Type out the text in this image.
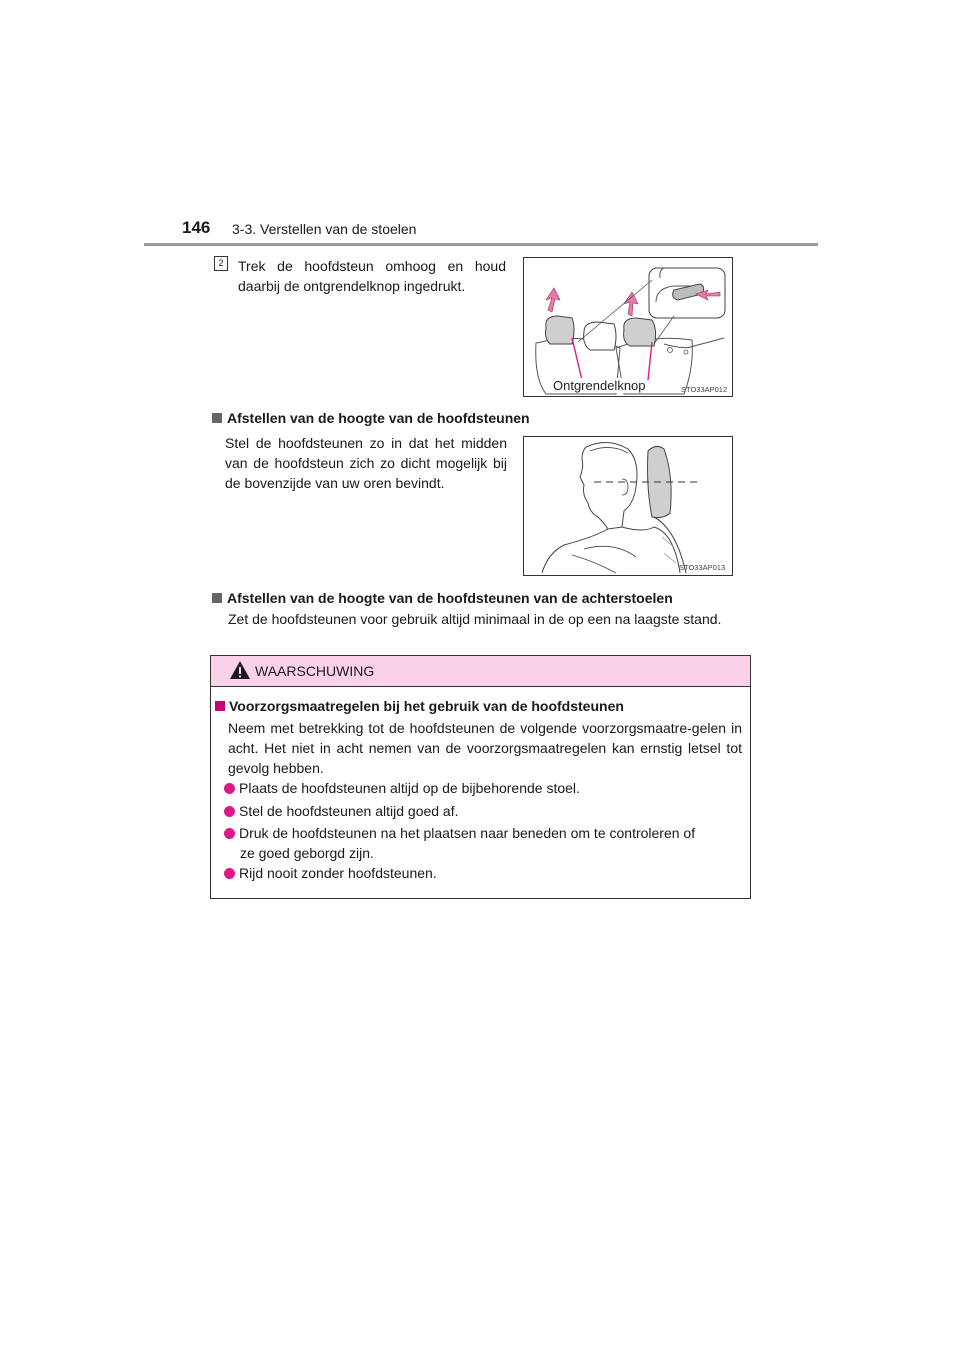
146 3-3. Verstellen van de stoelen
2	Trek de hoofdsteun omhoog en houd daarbij de ontgrendelknop ingedrukt.
Ontgrendelknop	STO33AP012
Afstellen van de hoogte van de hoofdsteunen
Stel de hoofdsteunen zo in dat het midden van de hoofdsteun zich zo dicht mogelijk bij de bovenzijde van uw oren bevindt.
STO33AP013
Afstellen van de hoogte van de hoofdsteunen van de achterstoelen
Zet de hoofdsteunen voor gebruik altijd minimaal in de op een na laagste stand.
WAARSCHUWING
Voorzorgsmaatregelen bij het gebruik van de hoofdsteunen
Neem met betrekking tot de hoofdsteunen de volgende voorzorgsmaatre-gelen in acht. Het niet in acht nemen van de voorzorgsmaatregelen kan ernstig letsel tot gevolg hebben.
Plaats de hoofdsteunen altijd op de bijbehorende stoel.
Stel de hoofdsteunen altijd goed af.
Druk de hoofdsteunen na het plaatsen naar beneden om te controleren of
ze goed geborgd zijn.
Rijd nooit zonder hoofdsteunen.
